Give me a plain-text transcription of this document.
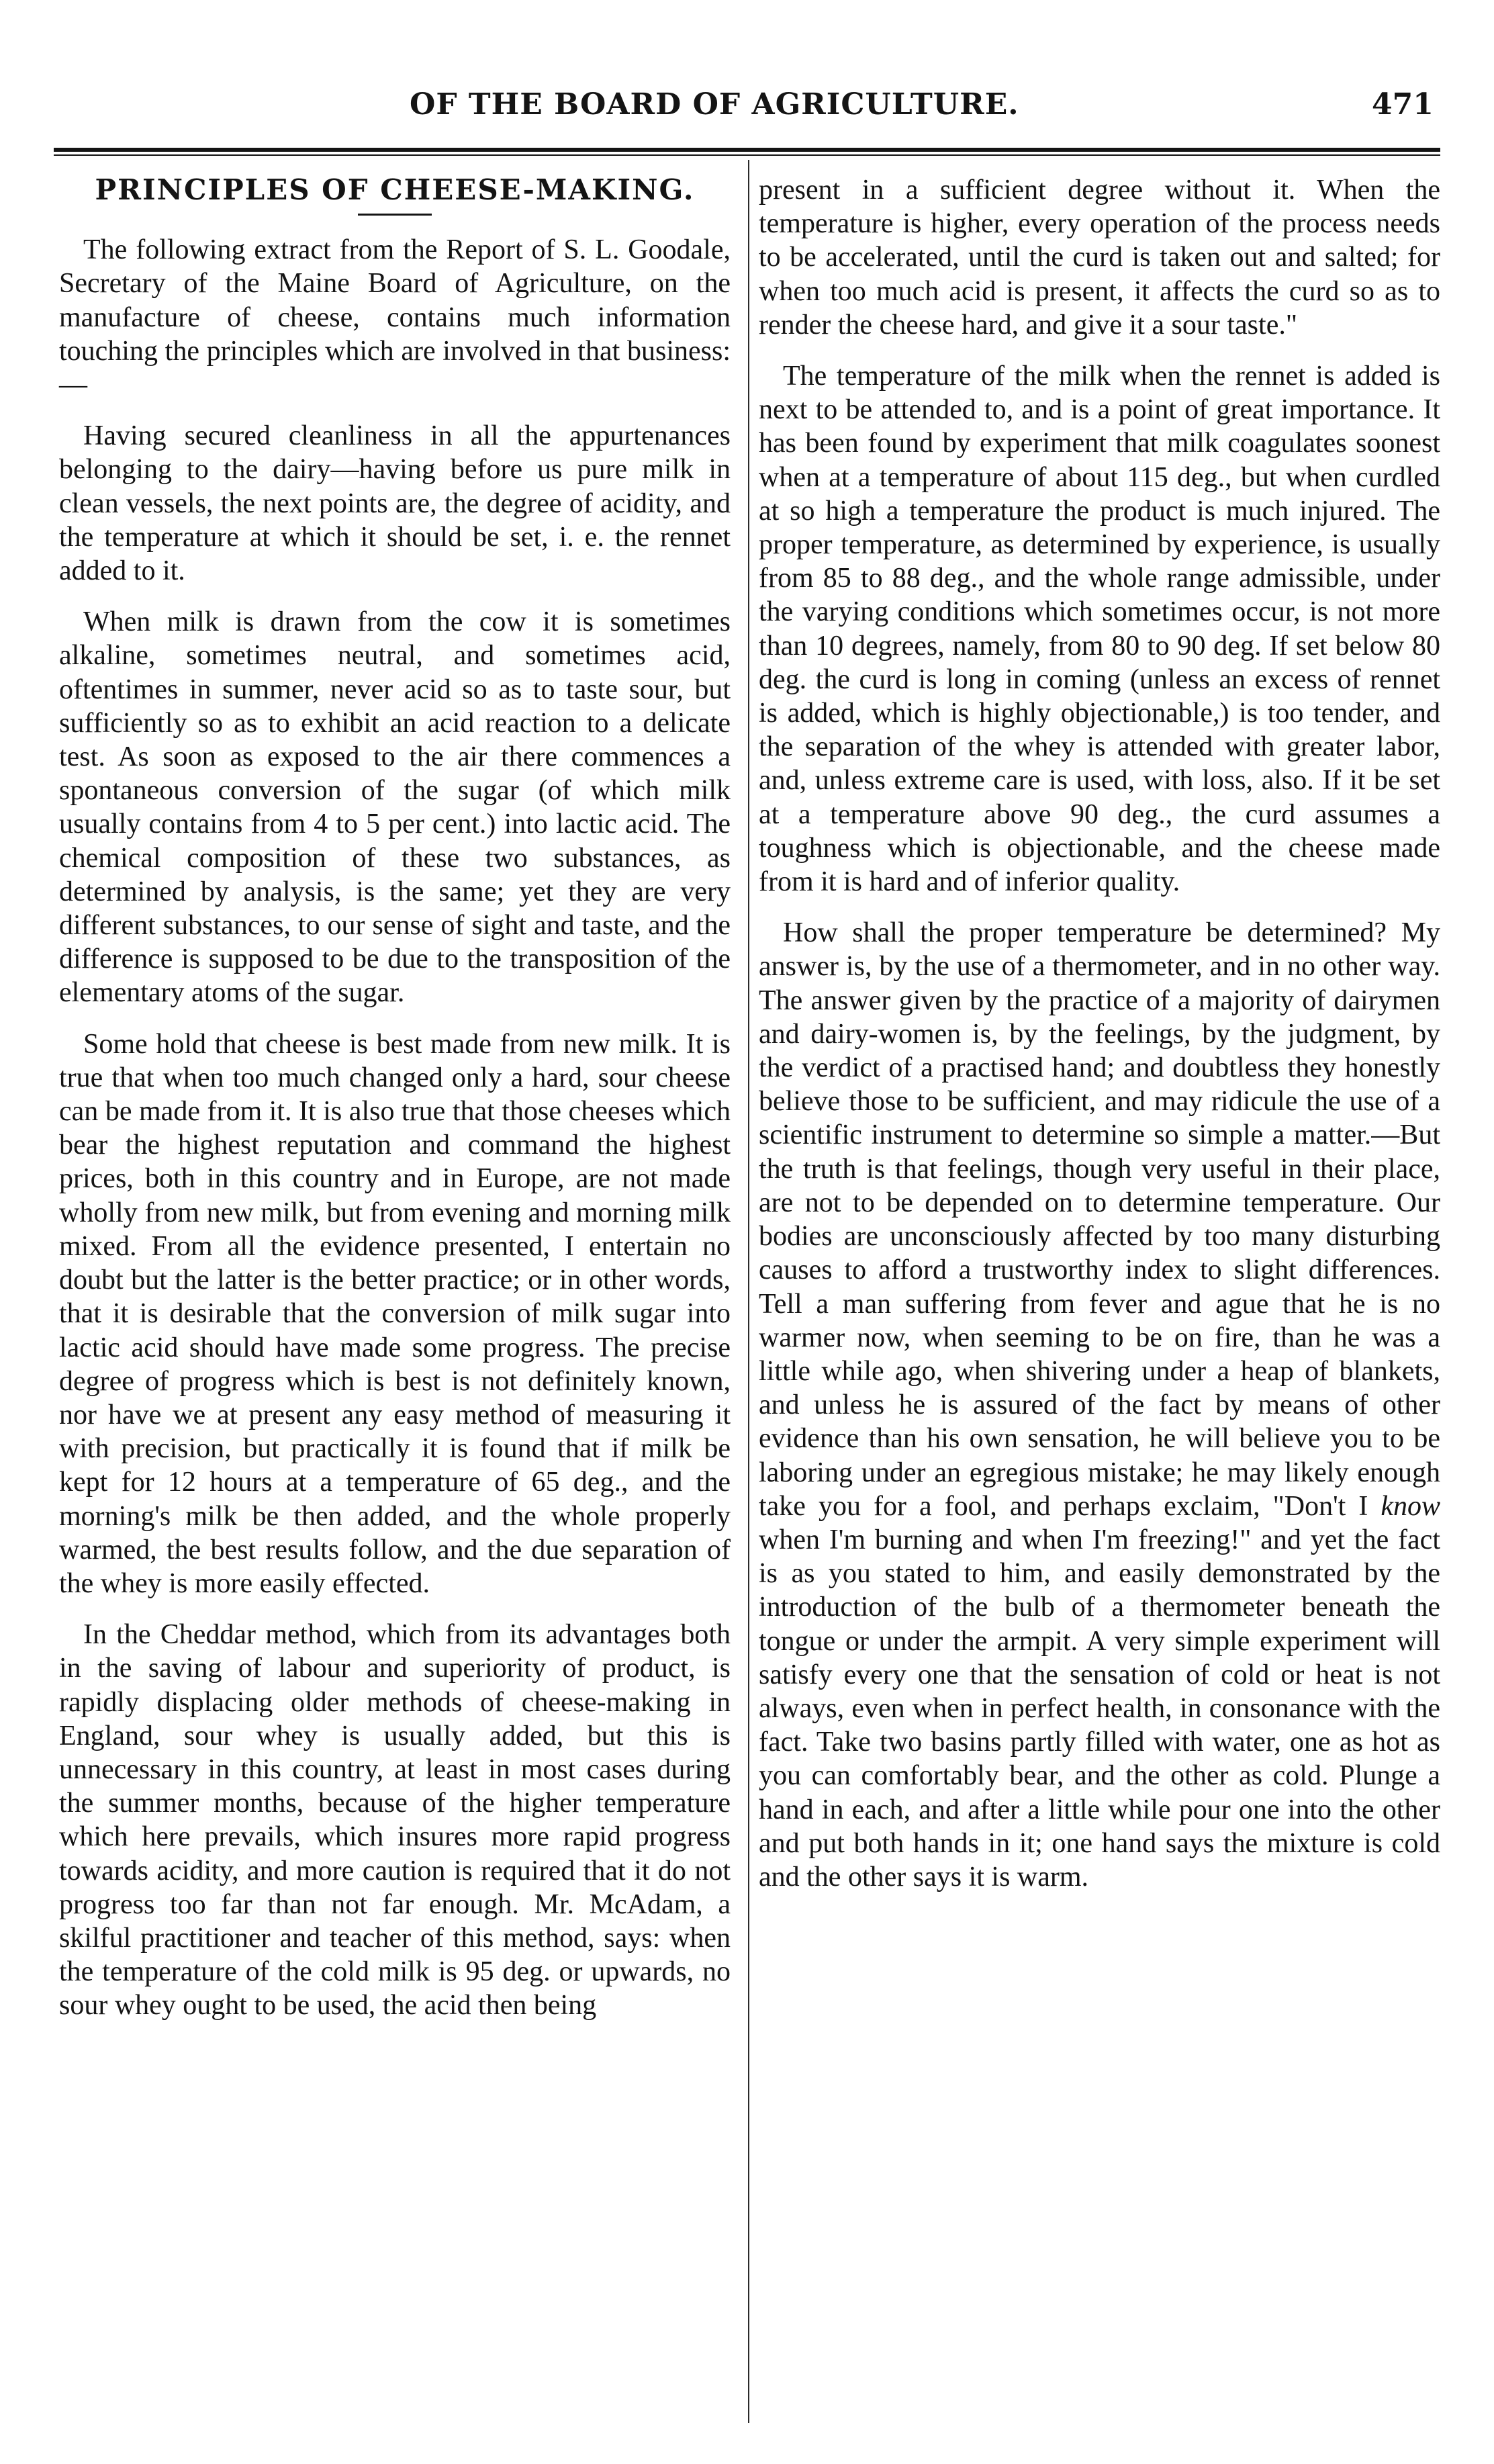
OF THE BOARD OF AGRICULTURE.	471
PRINCIPLES OF CHEESE-MAKING.

The following extract from the Report of S. L. Goodale, Secretary of the Maine Board of Agriculture, on the manufacture of cheese, contains much information touching the principles which are involved in that business:—

Having secured cleanliness in all the appurtenances belonging to the dairy—having before us pure milk in clean vessels, the next points are, the degree of acidity, and the temperature at which it should be set, i. e. the rennet added to it.

When milk is drawn from the cow it is sometimes alkaline, sometimes neutral, and sometimes acid, oftentimes in summer, never acid so as to taste sour, but sufficiently so as to exhibit an acid reaction to a delicate test. As soon as exposed to the air there commences a spontaneous conversion of the sugar (of which milk usually contains from 4 to 5 per cent.) into lactic acid. The chemical composition of these two substances, as determined by analysis, is the same; yet they are very different substances, to our sense of sight and taste, and the difference is supposed to be due to the transposition of the elementary atoms of the sugar.

Some hold that cheese is best made from new milk. It is true that when too much changed only a hard, sour cheese can be made from it. It is also true that those cheeses which bear the highest reputation and command the highest prices, both in this country and in Europe, are not made wholly from new milk, but from evening and morning milk mixed. From all the evidence presented, I entertain no doubt but the latter is the better practice; or in other words, that it is desirable that the conversion of milk sugar into lactic acid should have made some progress. The precise degree of progress which is best is not definitely known, nor have we at present any easy method of measuring it with precision, but practically it is found that if milk be kept for 12 hours at a temperature of 65 deg., and the morning's milk be then added, and the whole properly warmed, the best results follow, and the due separation of the whey is more easily effected.

In the Cheddar method, which from its advantages both in the saving of labour and superiority of product, is rapidly displacing older methods of cheese-making in England, sour whey is usually added, but this is unnecessary in this country, at least in most cases during the summer months, because of the higher temperature which here prevails, which insures more rapid progress towards acidity, and more caution is required that it do not progress too far than not far enough. Mr. McAdam, a skilful practitioner and teacher of this method, says: when the temperature of the cold milk is 95 deg. or upwards, no sour whey ought to be used, the acid then being

present in a sufficient degree without it. When the temperature is higher, every operation of the process needs to be accelerated, until the curd is taken out and salted; for when too much acid is present, it affects the curd so as to render the cheese hard, and give it a sour taste."

The temperature of the milk when the rennet is added is next to be attended to, and is a point of great importance. It has been found by experiment that milk coagulates soonest when at a temperature of about 115 deg., but when curdled at so high a temperature the product is much injured. The proper temperature, as determined by experience, is usually from 85 to 88 deg., and the whole range admissible, under the varying conditions which sometimes occur, is not more than 10 degrees, namely, from 80 to 90 deg. If set below 80 deg. the curd is long in coming (unless an excess of rennet is added, which is highly objectionable,) is too tender, and the separation of the whey is attended with greater labor, and, unless extreme care is used, with loss, also. If it be set at a temperature above 90 deg., the curd assumes a toughness which is objectionable, and the cheese made from it is hard and of inferior quality.

How shall the proper temperature be determined? My answer is, by the use of a thermometer, and in no other way. The answer given by the practice of a majority of dairymen and dairy-women is, by the feelings, by the judgment, by the verdict of a practised hand; and doubtless they honestly believe those to be sufficient, and may ridicule the use of a scientific instrument to determine so simple a matter.—But the truth is that feelings, though very useful in their place, are not to be depended on to determine temperature. Our bodies are unconsciously affected by too many disturbing causes to afford a trustworthy index to slight differences. Tell a man suffering from fever and ague that he is no warmer now, when seeming to be on fire, than he was a little while ago, when shivering under a heap of blankets, and unless he is assured of the fact by means of other evidence than his own sensation, he will believe you to be laboring under an egregious mistake; he may likely enough take you for a fool, and perhaps exclaim, "Don't I know when I'm burning and when I'm freezing!" and yet the fact is as you stated to him, and easily demonstrated by the introduction of the bulb of a thermometer beneath the tongue or under the armpit. A very simple experiment will satisfy every one that the sensation of cold or heat is not always, even when in perfect health, in consonance with the fact. Take two basins partly filled with water, one as hot as you can comfortably bear, and the other as cold. Plunge a hand in each, and after a little while pour one into the other and put both hands in it; one hand says the mixture is cold and the other says it is warm.
